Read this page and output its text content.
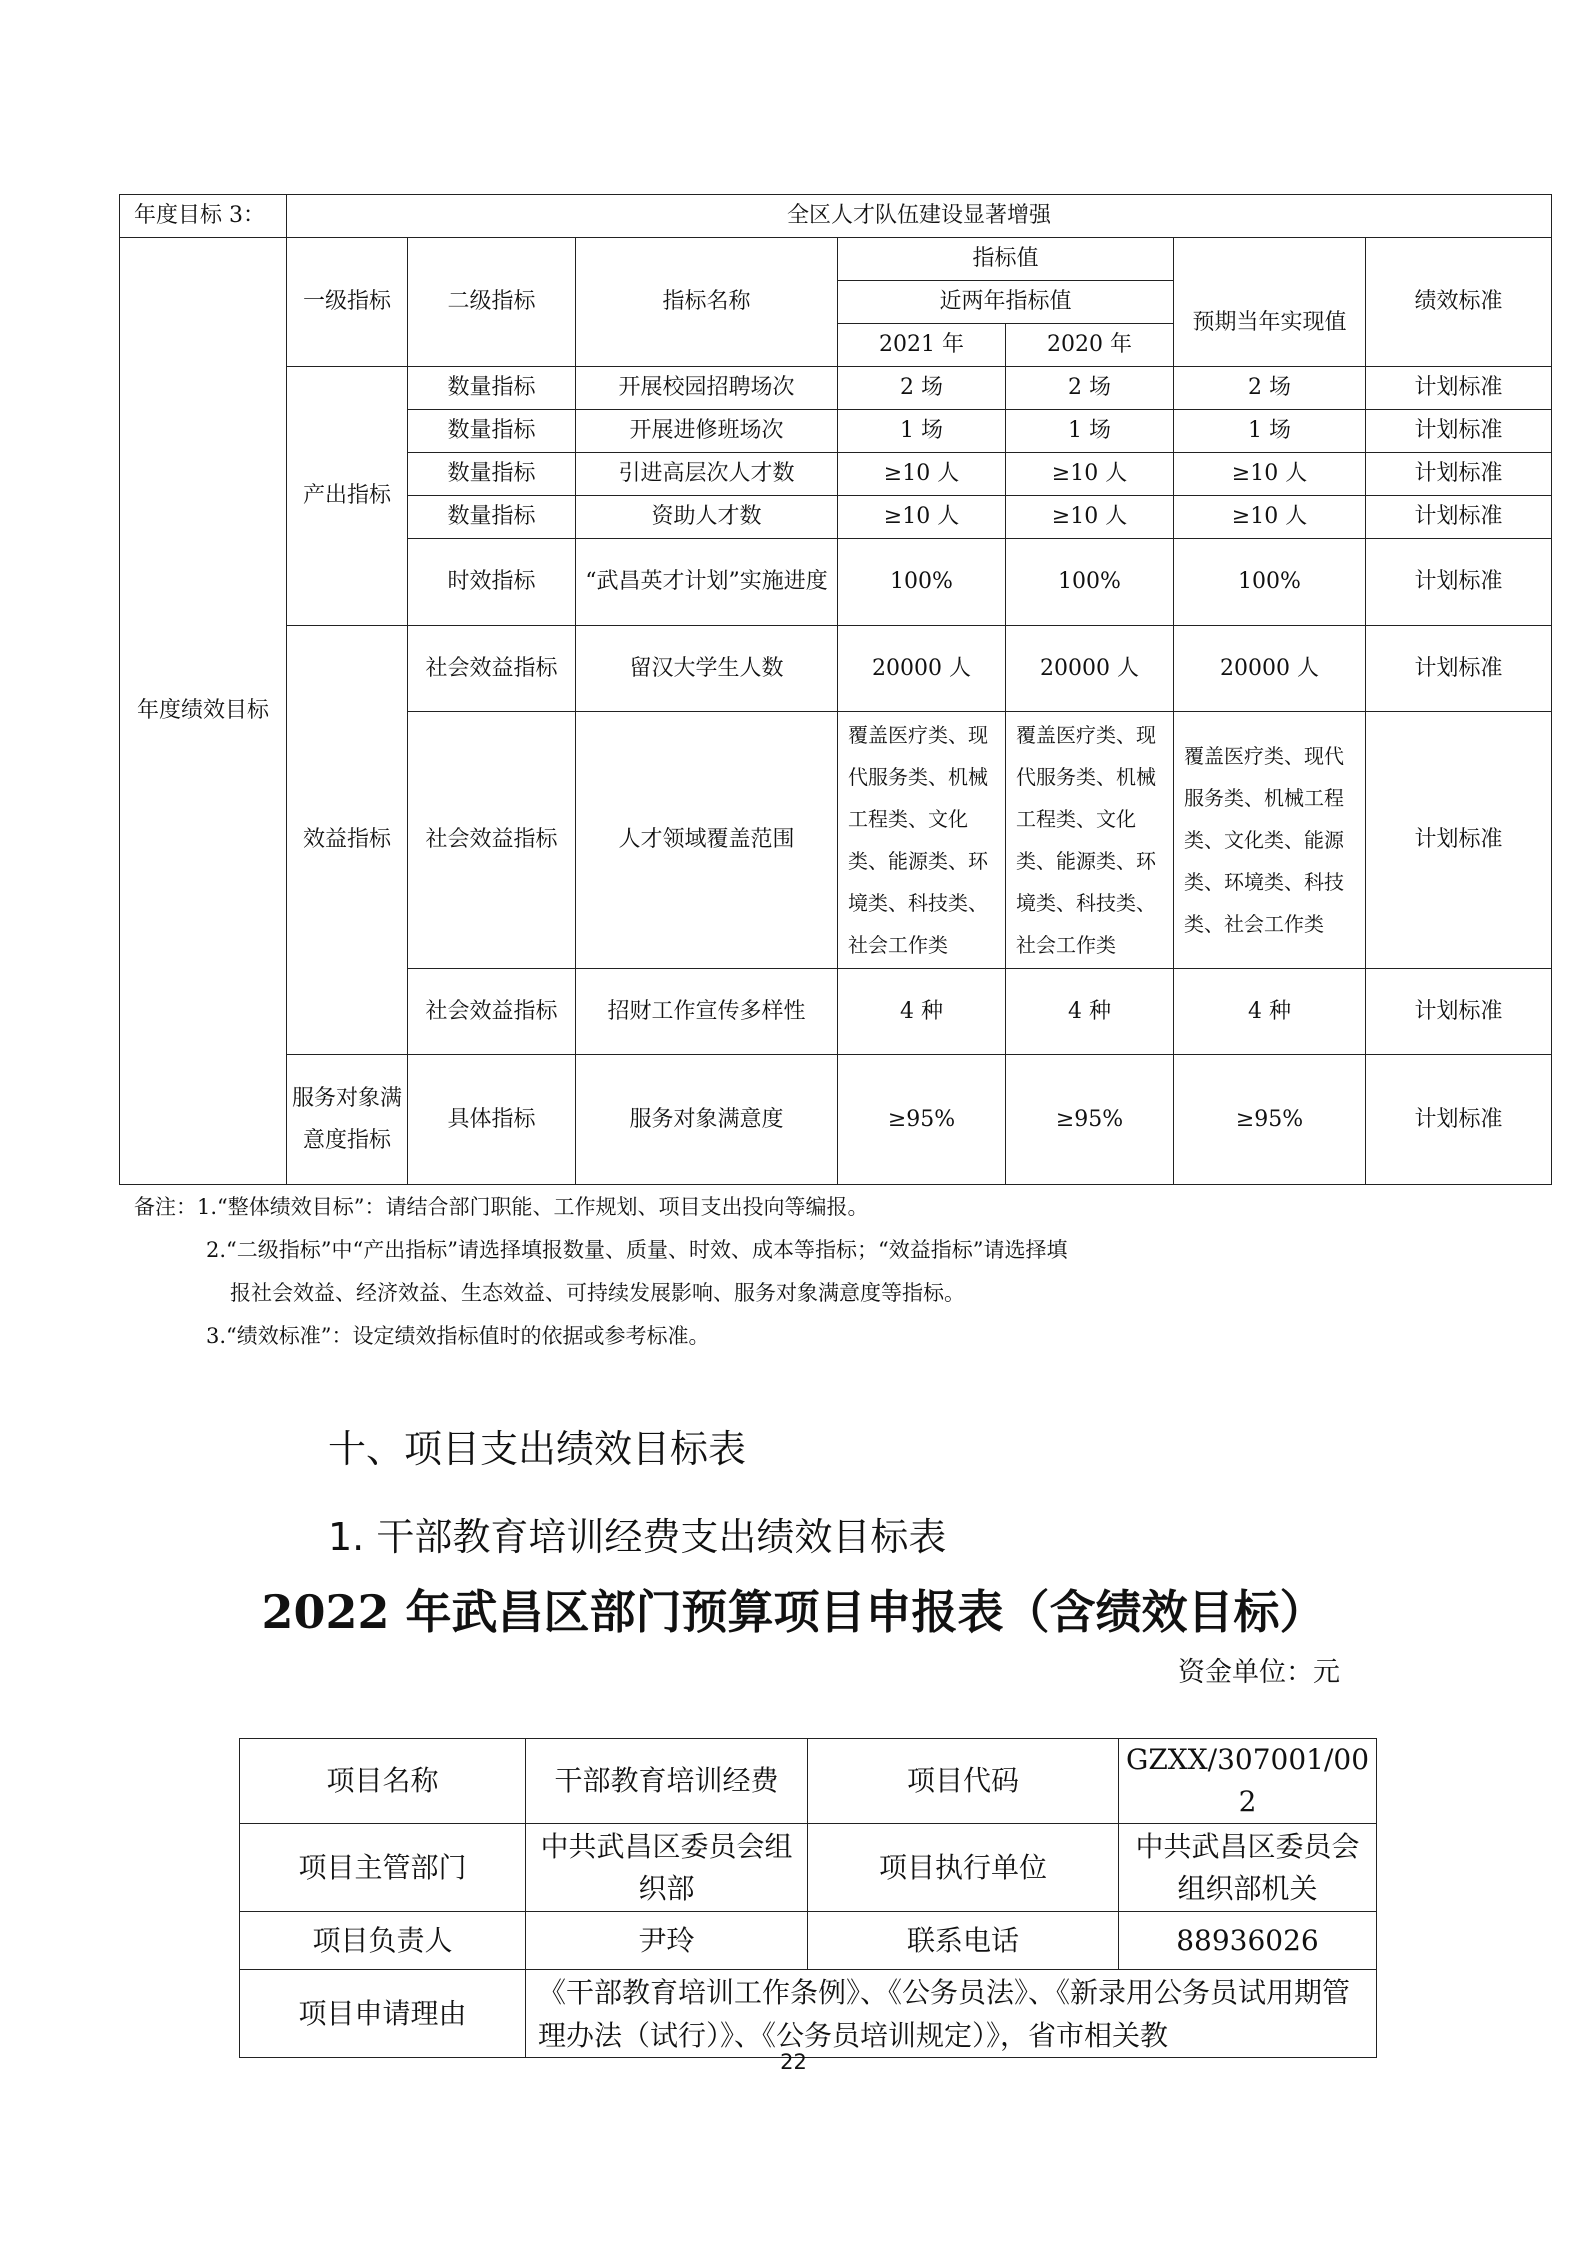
年度目标 3：	全区人才队伍建设显著增强						
年度绩效目标	一级指标	二级指标	指标名称	指标值			绩效标准
				近两年指标值		预期当年实现值	
				2021 年	2020 年		
	产出指标	数量指标	开展校园招聘场次	2 场	2 场	2 场	计划标准
		数量指标	开展进修班场次	1 场	1 场	1 场	计划标准
		数量指标	引进高层次人才数	≥10 人	≥10 人	≥10 人	计划标准
		数量指标	资助人才数	≥10 人	≥10 人	≥10 人	计划标准
		时效指标	“武昌英才计划”实施进度	100%	100%	100%	计划标准
	效益指标	社会效益指标	留汉大学生人数	20000 人	20000 人	20000 人	计划标准
		社会效益指标	人才领域覆盖范围	覆盖医疗类、现代服务类、机械工程类、文化类、能源类、环境类、科技类、社会工作类	覆盖医疗类、现代服务类、机械工程类、文化类、能源类、环境类、科技类、社会工作类	覆盖医疗类、现代服务类、机械工程类、文化类、能源类、环境类、科技类、社会工作类	计划标准
		社会效益指标	招财工作宣传多样性	4 种	4 种	4 种	计划标准
	服务对象满意度指标	具体指标	服务对象满意度	≥95%	≥95%	≥95%	计划标准
备注：1.“整体绩效目标”：请结合部门职能、工作规划、项目支出投向等编报。
2.“二级指标”中“产出指标”请选择填报数量、质量、时效、成本等指标；“效益指标”请选择填
报社会效益、经济效益、生态效益、可持续发展影响、服务对象满意度等指标。
3.“绩效标准”：设定绩效指标值时的依据或参考标准。
十、项目支出绩效目标表
1. 干部教育培训经费支出绩效目标表
2022 年武昌区部门预算项目申报表（含绩效目标）
资金单位：元
项目名称	干部教育培训经费	项目代码	GZXX/307001/002
项目主管部门	中共武昌区委员会组织部	项目执行单位	中共武昌区委员会组织部机关
项目负责人	尹玲	联系电话	88936026
项目申请理由	《干部教育培训工作条例》、《公务员法》、《新录用公务员试用期管理办法（试行）》、《公务员培训规定）》，省市相关教		
22
